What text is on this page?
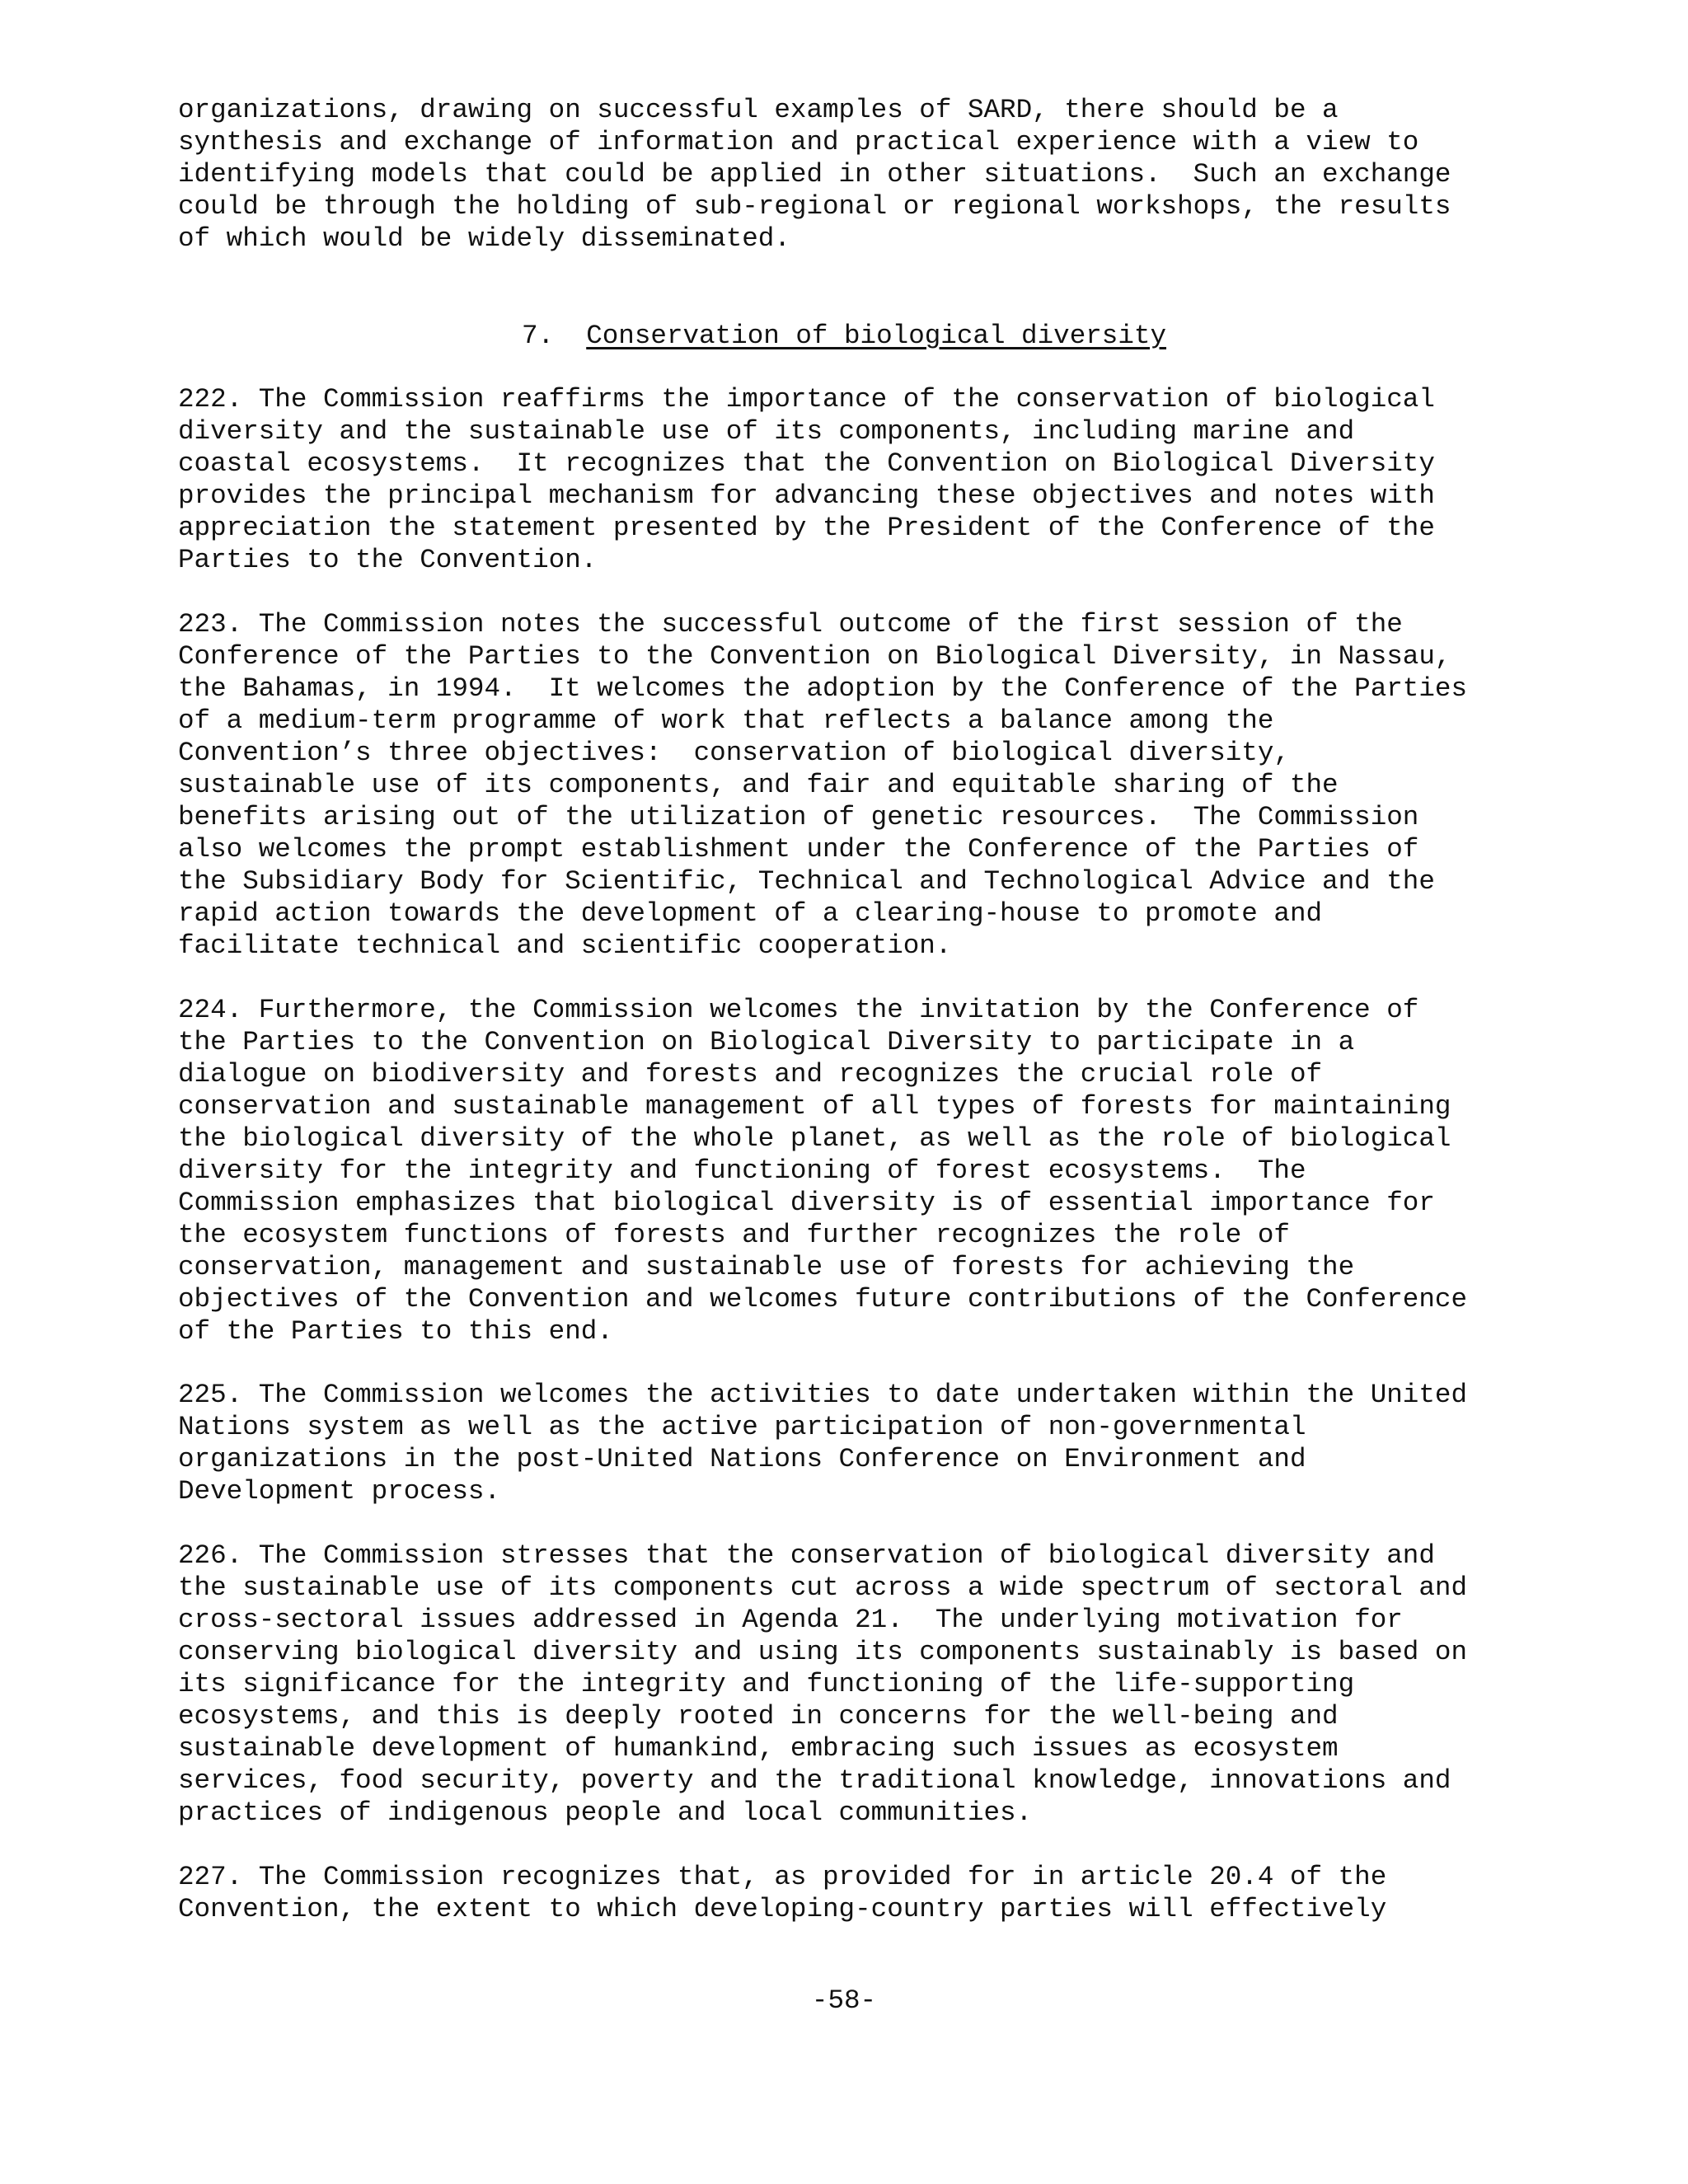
organizations, drawing on successful examples of SARD, there should be a
synthesis and exchange of information and practical experience with a view to
identifying models that could be applied in other situations.  Such an exchange
could be through the holding of sub-regional or regional workshops, the results
of which would be widely disseminated.
7. Conservation of biological diversity
222. The Commission reaffirms the importance of the conservation of biological
diversity and the sustainable use of its components, including marine and
coastal ecosystems.  It recognizes that the Convention on Biological Diversity
provides the principal mechanism for advancing these objectives and notes with
appreciation the statement presented by the President of the Conference of the
Parties to the Convention.
223. The Commission notes the successful outcome of the first session of the
Conference of the Parties to the Convention on Biological Diversity, in Nassau,
the Bahamas, in 1994.  It welcomes the adoption by the Conference of the Parties
of a medium-term programme of work that reflects a balance among the
Convention’s three objectives:  conservation of biological diversity,
sustainable use of its components, and fair and equitable sharing of the
benefits arising out of the utilization of genetic resources.  The Commission
also welcomes the prompt establishment under the Conference of the Parties of
the Subsidiary Body for Scientific, Technical and Technological Advice and the
rapid action towards the development of a clearing-house to promote and
facilitate technical and scientific cooperation.
224. Furthermore, the Commission welcomes the invitation by the Conference of
the Parties to the Convention on Biological Diversity to participate in a
dialogue on biodiversity and forests and recognizes the crucial role of
conservation and sustainable management of all types of forests for maintaining
the biological diversity of the whole planet, as well as the role of biological
diversity for the integrity and functioning of forest ecosystems.  The
Commission emphasizes that biological diversity is of essential importance for
the ecosystem functions of forests and further recognizes the role of
conservation, management and sustainable use of forests for achieving the
objectives of the Convention and welcomes future contributions of the Conference
of the Parties to this end.
225. The Commission welcomes the activities to date undertaken within the United
Nations system as well as the active participation of non-governmental
organizations in the post-United Nations Conference on Environment and
Development process.
226. The Commission stresses that the conservation of biological diversity and
the sustainable use of its components cut across a wide spectrum of sectoral and
cross-sectoral issues addressed in Agenda 21.  The underlying motivation for
conserving biological diversity and using its components sustainably is based on
its significance for the integrity and functioning of the life-supporting
ecosystems, and this is deeply rooted in concerns for the well-being and
sustainable development of humankind, embracing such issues as ecosystem
services, food security, poverty and the traditional knowledge, innovations and
practices of indigenous people and local communities.
227. The Commission recognizes that, as provided for in article 20.4 of the
Convention, the extent to which developing-country parties will effectively
-58-
